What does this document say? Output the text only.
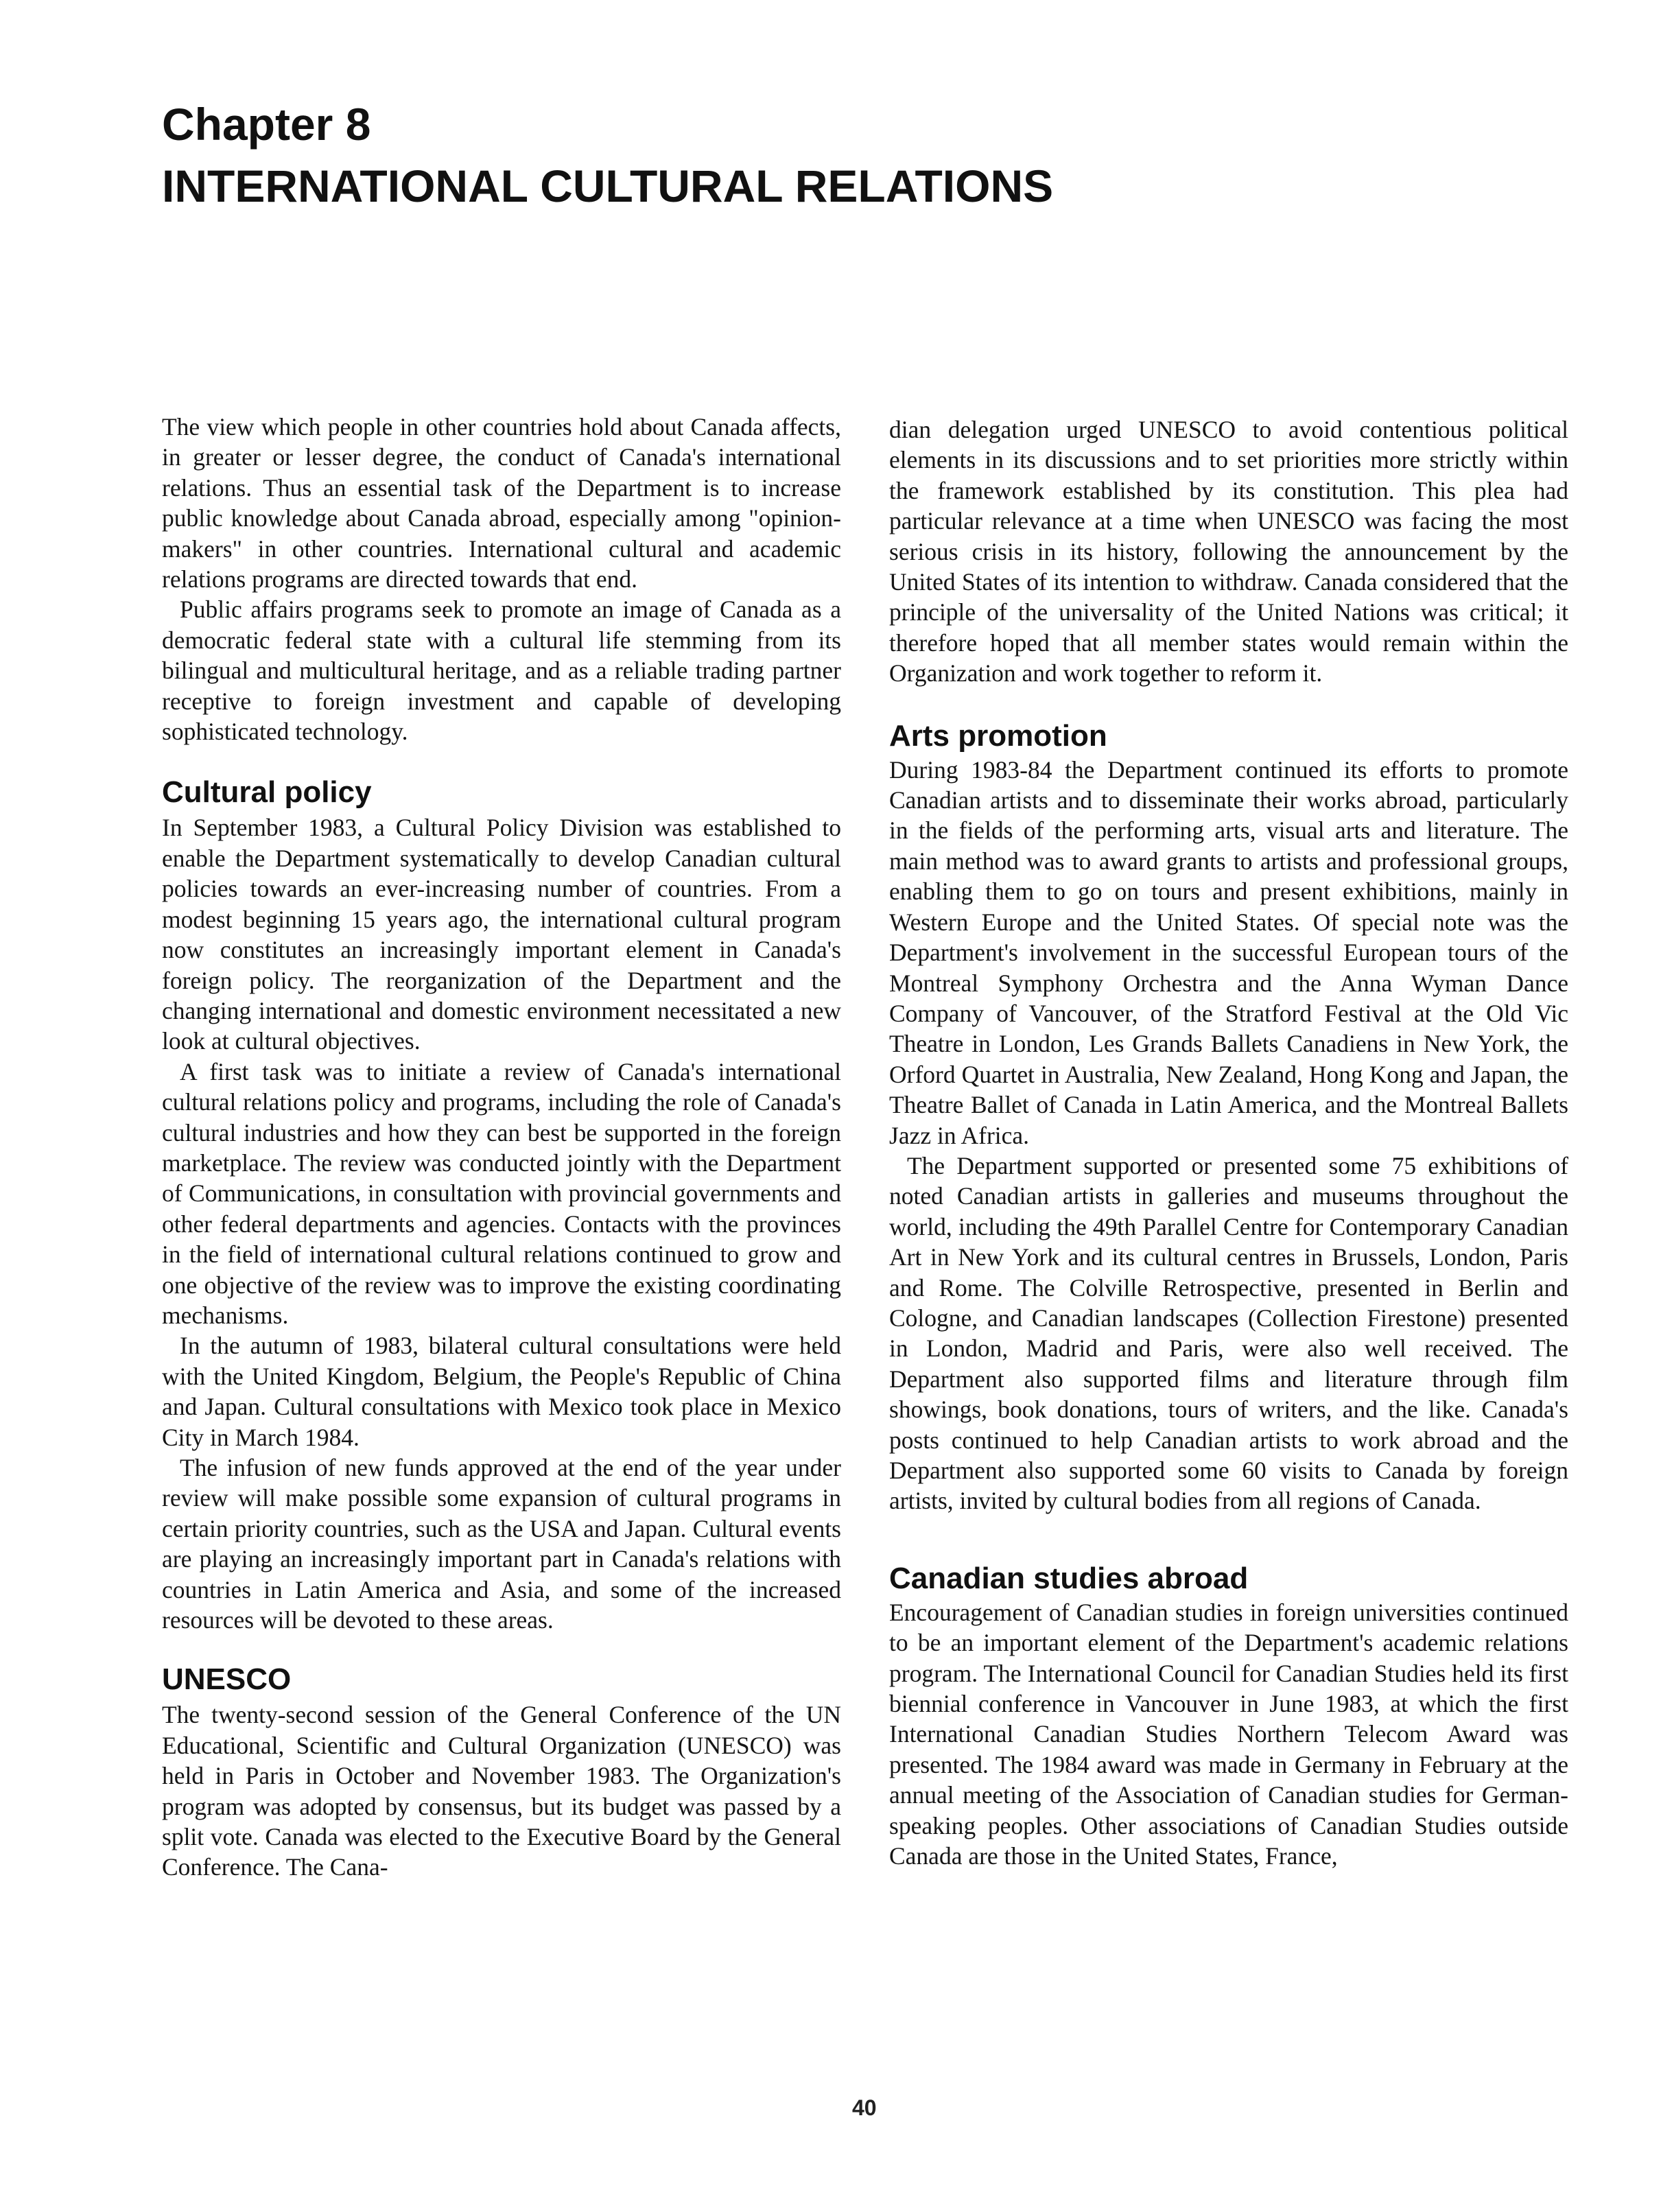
Chapter 8
INTERNATIONAL CULTURAL RELATIONS

The view which people in other countries hold about Canada affects, in greater or lesser degree, the conduct of Canada's international relations. Thus an essential task of the Department is to increase public knowledge about Canada abroad, especially among "opinion-makers" in other countries. International cultural and academic relations programs are directed towards that end.

Public affairs programs seek to promote an image of Canada as a democratic federal state with a cultural life stemming from its bilingual and multicultural heritage, and as a reliable trading partner receptive to foreign investment and capable of developing sophisticated technology.

Cultural policy

In September 1983, a Cultural Policy Division was established to enable the Department systematically to develop Canadian cultural policies towards an ever-increasing number of countries. From a modest beginning 15 years ago, the international cultural program now constitutes an increasingly important element in Canada's foreign policy. The reorganization of the Department and the changing international and domestic environment necessitated a new look at cultural objectives.

A first task was to initiate a review of Canada's international cultural relations policy and programs, including the role of Canada's cultural industries and how they can best be supported in the foreign marketplace. The review was conducted jointly with the Department of Communications, in consultation with provincial governments and other federal departments and agencies. Contacts with the provinces in the field of international cultural relations continued to grow and one objective of the review was to improve the existing coordinating mechanisms.

In the autumn of 1983, bilateral cultural consultations were held with the United Kingdom, Belgium, the People's Republic of China and Japan. Cultural consultations with Mexico took place in Mexico City in March 1984.

The infusion of new funds approved at the end of the year under review will make possible some expansion of cultural programs in certain priority countries, such as the USA and Japan. Cultural events are playing an increasingly important part in Canada's relations with countries in Latin America and Asia, and some of the increased resources will be devoted to these areas.

UNESCO

The twenty-second session of the General Conference of the UN Educational, Scientific and Cultural Organization (UNESCO) was held in Paris in October and November 1983. The Organization's program was adopted by consensus, but its budget was passed by a split vote. Canada was elected to the Executive Board by the General Conference. The Cana-

dian delegation urged UNESCO to avoid contentious political elements in its discussions and to set priorities more strictly within the framework established by its constitution. This plea had particular relevance at a time when UNESCO was facing the most serious crisis in its history, following the announcement by the United States of its intention to withdraw. Canada considered that the principle of the universality of the United Nations was critical; it therefore hoped that all member states would remain within the Organization and work together to reform it.

Arts promotion

During 1983-84 the Department continued its efforts to promote Canadian artists and to disseminate their works abroad, particularly in the fields of the performing arts, visual arts and literature. The main method was to award grants to artists and professional groups, enabling them to go on tours and present exhibitions, mainly in Western Europe and the United States. Of special note was the Department's involvement in the successful European tours of the Montreal Symphony Orchestra and the Anna Wyman Dance Company of Vancouver, of the Stratford Festival at the Old Vic Theatre in London, Les Grands Ballets Canadiens in New York, the Orford Quartet in Australia, New Zealand, Hong Kong and Japan, the Theatre Ballet of Canada in Latin America, and the Montreal Ballets Jazz in Africa.

The Department supported or presented some 75 exhibitions of noted Canadian artists in galleries and museums throughout the world, including the 49th Parallel Centre for Contemporary Canadian Art in New York and its cultural centres in Brussels, London, Paris and Rome. The Colville Retrospective, presented in Berlin and Cologne, and Canadian landscapes (Collection Firestone) presented in London, Madrid and Paris, were also well received. The Department also supported films and literature through film showings, book donations, tours of writers, and the like. Canada's posts continued to help Canadian artists to work abroad and the Department also supported some 60 visits to Canada by foreign artists, invited by cultural bodies from all regions of Canada.

Canadian studies abroad

Encouragement of Canadian studies in foreign universities continued to be an important element of the Department's academic relations program. The International Council for Canadian Studies held its first biennial conference in Vancouver in June 1983, at which the first International Canadian Studies Northern Telecom Award was presented. The 1984 award was made in Germany in February at the annual meeting of the Association of Canadian studies for German-speaking peoples. Other associations of Canadian Studies outside Canada are those in the United States, France,

40
